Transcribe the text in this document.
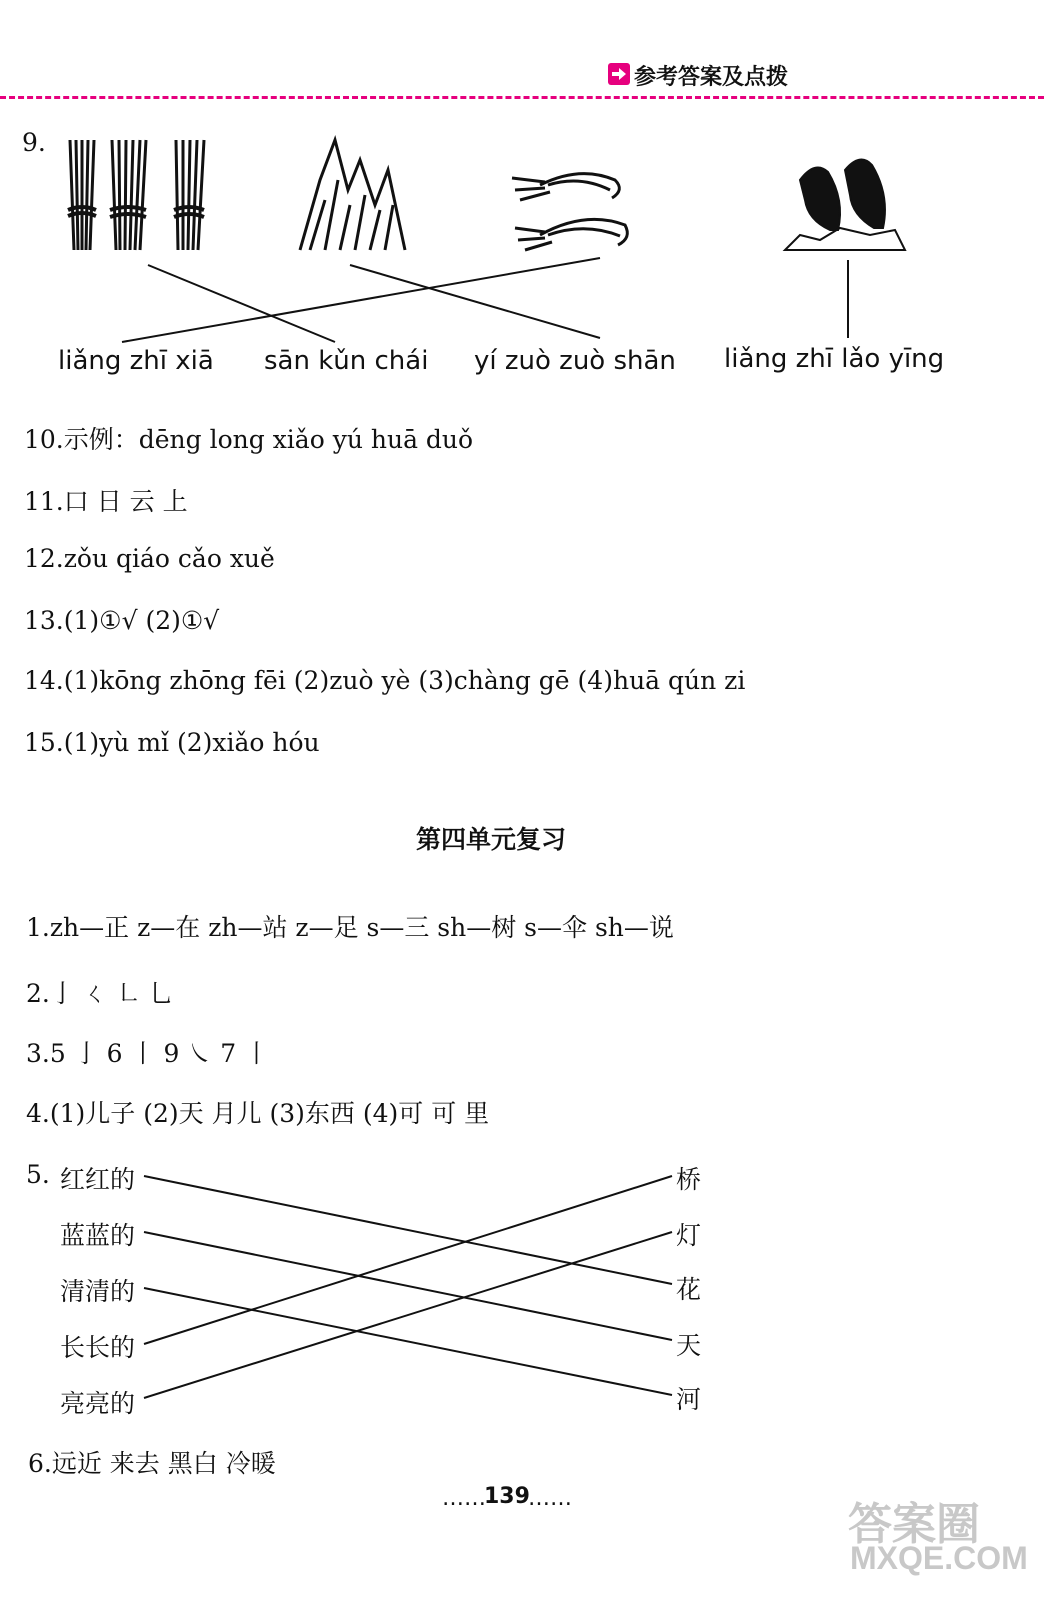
参考答案及点拨
9.
liǎng zhī xiā sān kǔn chái yí zuò zuò shān liǎng zhī lǎo yīng
10.示例：dēng long xiǎo yú huā duǒ
11.口 日 云 上
12.zǒu qiáo cǎo xuě
13.(1)①√ (2)①√
14.(1)kōng zhōng fēi (2)zuò yè (3)chàng gē (4)huā qún zi
15.(1)yù mǐ (2)xiǎo hóu
第四单元复习
1.zh—正 z—在 zh—站 z—足 s—三 sh—树 s—伞 sh—说
2.亅 ㄑ ㇗ 乚
3.5 亅 6 丨 9 ㇏ 7 丨
4.(1)儿子 (2)天 月儿 (3)东西 (4)可 可 里
5. 红红的
蓝蓝的
清清的
长长的
亮亮的
桥
灯
花
天
河
6.远近 来去 黑白 冷暖
……
139
……
答案圈
MXQE.COM
